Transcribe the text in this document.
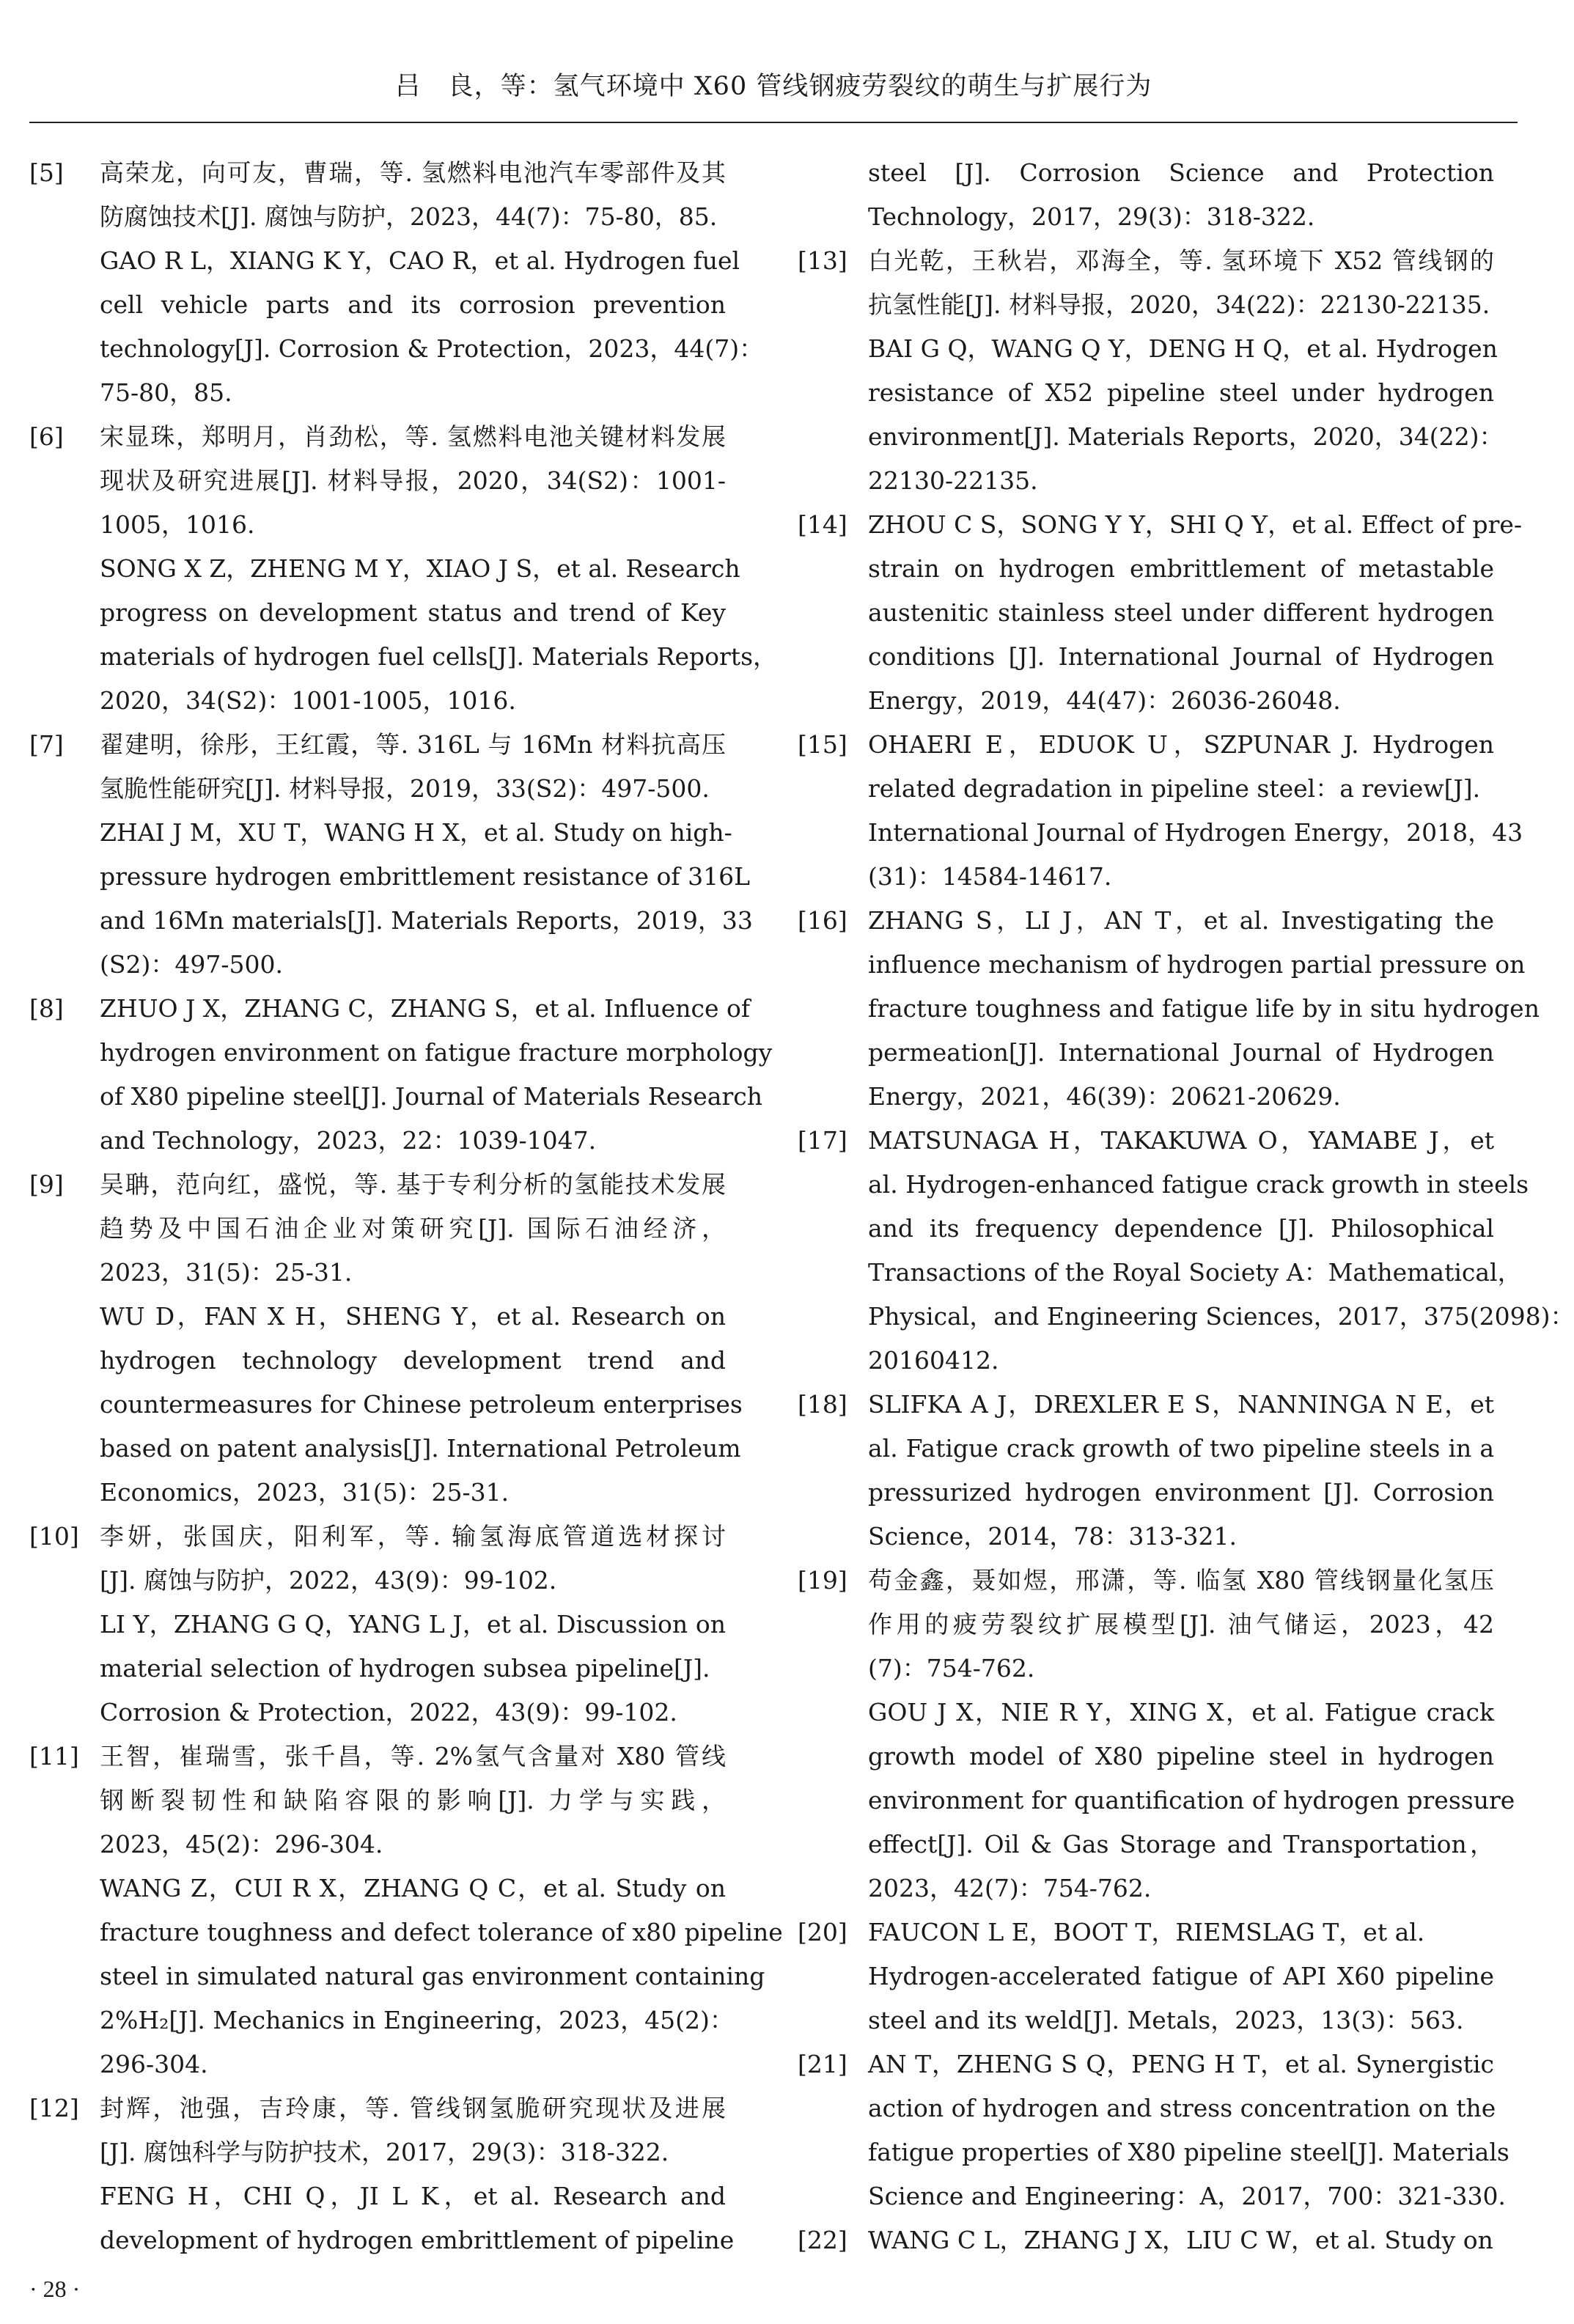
吕　良，等：氢气环境中 X60 管线钢疲劳裂纹的萌生与扩展行为
[5]	高荣龙，向可友，曹瑞，等. 氢燃料电池汽车零部件及其
防腐蚀技术[J]. 腐蚀与防护，2023，44(7)：75-80，85.
GAO R L，XIANG K Y，CAO R，et al. Hydrogen fuel
cell vehicle parts and its corrosion prevention
technology[J]. Corrosion & Protection，2023，44(7)：
75-80，85.
[6]	宋显珠，郑明月，肖劲松，等. 氢燃料电池关键材料发展
现状及研究进展[J]. 材料导报，2020，34(S2)：1001-
1005，1016.
SONG X Z，ZHENG M Y，XIAO J S，et al. Research
progress on development status and trend of Key
materials of hydrogen fuel cells[J]. Materials Reports，
2020，34(S2)：1001-1005，1016.
[7]	翟建明，徐彤，王红霞，等. 316L 与 16Mn 材料抗高压
氢脆性能研究[J]. 材料导报，2019，33(S2)：497-500.
ZHAI J M，XU T，WANG H X，et al. Study on high-
pressure hydrogen embrittlement resistance of 316L
and 16Mn materials[J]. Materials Reports，2019，33
(S2)：497-500.
[8]	ZHUO J X，ZHANG C，ZHANG S，et al. Influence of
hydrogen environment on fatigue fracture morphology
of X80 pipeline steel[J]. Journal of Materials Research
and Technology，2023，22：1039-1047.
[9]	吴聃，范向红，盛悦，等. 基于专利分析的氢能技术发展
趋势及中国石油企业对策研究[J]. 国际石油经济，
2023，31(5)：25-31.
WU D，FAN X H，SHENG Y，et al. Research on
hydrogen technology development trend and
countermeasures for Chinese petroleum enterprises
based on patent analysis[J]. International Petroleum
Economics，2023，31(5)：25-31.
[10] 李妍，张国庆，阳利军，等. 输氢海底管道选材探讨
[J]. 腐蚀与防护，2022，43(9)：99-102.
LI Y，ZHANG G Q，YANG L J，et al. Discussion on
material selection of hydrogen subsea pipeline[J].
Corrosion & Protection，2022，43(9)：99-102.
[11] 王智，崔瑞雪，张千昌，等. 2%氢气含量对 X80 管线
钢断裂韧性和缺陷容限的影响[J]. 力学与实践，
2023，45(2)：296-304.
WANG Z，CUI R X，ZHANG Q C，et al. Study on
fracture toughness and defect tolerance of x80 pipeline
steel in simulated natural gas environment containing
2%H₂[J]. Mechanics in Engineering，2023，45(2)：
296-304.
[12] 封辉，池强，吉玲康，等. 管线钢氢脆研究现状及进展
[J]. 腐蚀科学与防护技术，2017，29(3)：318-322.
FENG H，CHI Q，JI L K，et al. Research and
development of hydrogen embrittlement of pipeline
steel [J]. Corrosion Science and Protection
Technology，2017，29(3)：318-322.
[13] 白光乾，王秋岩，邓海全，等. 氢环境下 X52 管线钢的
抗氢性能[J]. 材料导报，2020，34(22)：22130-22135.
BAI G Q，WANG Q Y，DENG H Q，et al. Hydrogen
resistance of X52 pipeline steel under hydrogen
environment[J]. Materials Reports，2020，34(22)：
22130-22135.
[14] ZHOU C S，SONG Y Y，SHI Q Y，et al. Effect of pre-
strain on hydrogen embrittlement of metastable
austenitic stainless steel under different hydrogen
conditions [J]. International Journal of Hydrogen
Energy，2019，44(47)：26036-26048.
[15] OHAERI E，EDUOK U，SZPUNAR J. Hydrogen
related degradation in pipeline steel：a review[J].
International Journal of Hydrogen Energy，2018，43
(31)：14584-14617.
[16] ZHANG S，LI J，AN T，et al. Investigating the
influence mechanism of hydrogen partial pressure on
fracture toughness and fatigue life by in situ hydrogen
permeation[J]. International Journal of Hydrogen
Energy，2021，46(39)：20621-20629.
[17] MATSUNAGA H，TAKAKUWA O，YAMABE J，et
al. Hydrogen-enhanced fatigue crack growth in steels
and its frequency dependence [J]. Philosophical
Transactions of the Royal Society A：Mathematical，
Physical，and Engineering Sciences，2017，375(2098)：
20160412.
[18] SLIFKA A J，DREXLER E S，NANNINGA N E，et
al. Fatigue crack growth of two pipeline steels in a
pressurized hydrogen environment [J]. Corrosion
Science，2014，78：313-321.
[19] 苟金鑫，聂如煜，邢潇，等. 临氢 X80 管线钢量化氢压
作用的疲劳裂纹扩展模型[J]. 油气储运，2023，42
(7)：754-762.
GOU J X，NIE R Y，XING X，et al. Fatigue crack
growth model of X80 pipeline steel in hydrogen
environment for quantification of hydrogen pressure
effect[J]. Oil & Gas Storage and Transportation，
2023，42(7)：754-762.
[20] FAUCON L E，BOOT T，RIEMSLAG T，et al.
Hydrogen-accelerated fatigue of API X60 pipeline
steel and its weld[J]. Metals，2023，13(3)：563.
[21] AN T，ZHENG S Q，PENG H T，et al. Synergistic
action of hydrogen and stress concentration on the
fatigue properties of X80 pipeline steel[J]. Materials
Science and Engineering：A，2017，700：321-330.
[22] WANG C L，ZHANG J X，LIU C W，et al. Study on
· 28 ·
